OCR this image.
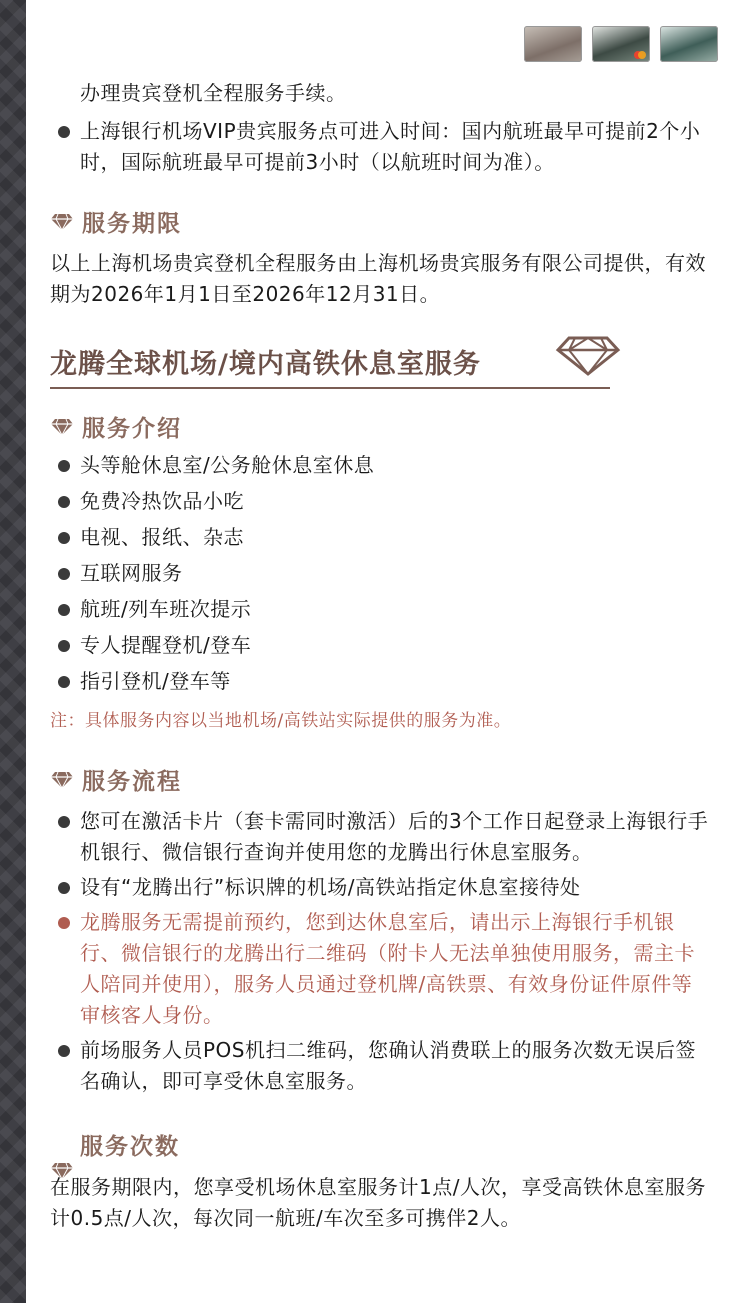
办理贵宾登机全程服务手续。

上海银行机场VIP贵宾服务点可进入时间：国内航班最早可提前2个小时，国际航班最早可提前3小时（以航班时间为准）。
服务期限

以上上海机场贵宾登机全程服务由上海机场贵宾服务有限公司提供，有效期为2026年1月1日至2026年12月31日。

龙腾全球机场/境内高铁休息室服务
服务介绍
头等舱休息室/公务舱休息室休息
免费冷热饮品小吃
电视、报纸、杂志
互联网服务
航班/列车班次提示
专人提醒登机/登车
指引登机/登车等

注：具体服务内容以当地机场/高铁站实际提供的服务为准。

服务流程
您可在激活卡片（套卡需同时激活）后的3个工作日起登录上海银行手机银行、微信银行查询并使用您的龙腾出行休息室服务。
设有“龙腾出行”标识牌的机场/高铁站指定休息室接待处
龙腾服务无需提前预约，您到达休息室后，请出示上海银行手机银行、微信银行的龙腾出行二维码（附卡人无法单独使用服务，需主卡人陪同并使用），服务人员通过登机牌/高铁票、有效身份证件原件等审核客人身份。
前场服务人员POS机扫二维码，您确认消费联上的服务次数无误后签名确认，即可享受休息室服务。
服务次数

在服务期限内，您享受机场休息室服务计1点/人次，享受高铁休息室服务计0.5点/人次，每次同一航班/车次至多可携伴2人。
